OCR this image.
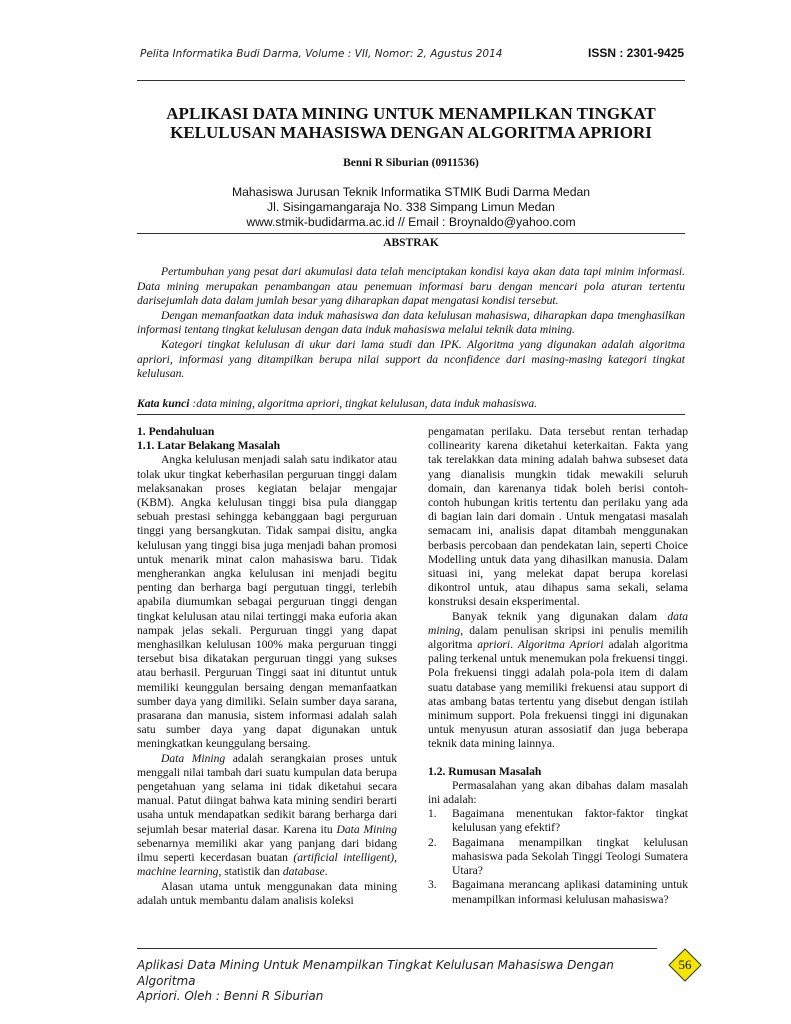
Pelita Informatika Budi Darma, Volume : VII, Nomor: 2, Agustus 2014	ISSN : 2301-9425
APLIKASI DATA MINING UNTUK MENAMPILKAN TINGKAT
KELULUSAN MAHASISWA DENGAN ALGORITMA APRIORI
Benni R Siburian (0911536)
Mahasiswa Jurusan Teknik Informatika STMIK Budi Darma Medan
Jl. Sisingamangaraja No. 338 Simpang Limun Medan
www.stmik-budidarma.ac.id // Email : Broynaldo@yahoo.com
ABSTRAK

Pertumbuhan yang pesat dari akumulasi data telah menciptakan kondisi kaya akan data tapi minim informasi. Data mining merupakan penambangan atau penemuan informasi baru dengan mencari pola aturan tertentu darisejumlah data dalam jumlah besar yang diharapkan dapat mengatasi kondisi tersebut.

Dengan memanfaatkan data induk mahasiswa dan data kelulusan mahasiswa, diharapkan dapa tmenghasilkan informasi tentang tingkat kelulusan dengan data induk mahasiswa melalui teknik data mining.

Kategori tingkat kelulusan di ukur dari lama studi dan IPK. Algoritma yang digunakan adalah algoritma apriori, informasi yang ditampilkan berupa nilai support da nconfidence dari masing-masing kategori tingkat kelulusan.

Kata kunci :data mining, algoritma apriori, tingkat kelulusan, data induk mahasiswa.

1. Pendahuluan

1.1. Latar Belakang Masalah

Angka kelulusan menjadi salah satu indikator atau tolak ukur tingkat keberhasilan perguruan tinggi dalam melaksanakan proses kegiatan belajar mengajar (KBM). Angka kelulusan tinggi bisa pula dianggap sebuah prestasi sehingga kebanggaan bagi perguruan tinggi yang bersangkutan. Tidak sampai disitu, angka kelulusan yang tinggi bisa juga menjadi bahan promosi untuk menarik minat calon mahasiswa baru. Tidak mengherankan angka kelulusan ini menjadi begitu penting dan berharga bagi pergutuan tinggi, terlebih apabila diumumkan sebagai perguruan tinggi dengan tingkat kelulusan atau nilai tertinggi maka euforia akan nampak jelas sekali. Perguruan tinggi yang dapat menghasilkan kelulusan 100% maka perguruan tinggi tersebut bisa dikatakan perguruan tinggi yang sukses atau berhasil. Perguruan Tinggi saat ini dituntut untuk memiliki keunggulan bersaing dengan memanfaatkan sumber daya yang dimiliki. Selain sumber daya sarana, prasarana dan manusia, sistem informasi adalah salah satu sumber daya yang dapat digunakan untuk meningkatkan keunggulang bersaing.

Data Mining adalah serangkaian proses untuk menggali nilai tambah dari suatu kumpulan data berupa pengetahuan yang selama ini tidak diketahui secara manual. Patut diingat bahwa kata mining sendiri berarti usaha untuk mendapatkan sedikit barang berharga dari sejumlah besar material dasar. Karena itu Data Mining sebenarnya memiliki akar yang panjang dari bidang ilmu seperti kecerdasan buatan (artificial intelligent), machine learning, statistik dan database.

Alasan utama untuk menggunakan data mining adalah untuk membantu dalam analisis koleksi

pengamatan perilaku. Data tersebut rentan terhadap collinearity karena diketahui keterkaitan. Fakta yang tak terelakkan data mining adalah bahwa subseset data yang dianalisis mungkin tidak mewakili seluruh domain, dan karenanya tidak boleh berisi contoh-contoh hubungan kritis tertentu dan perilaku yang ada di bagian lain dari domain . Untuk mengatasi masalah semacam ini, analisis dapat ditambah menggunakan berbasis percobaan dan pendekatan lain, seperti Choice Modelling untuk data yang dihasilkan manusia. Dalam situasi ini, yang melekat dapat berupa korelasi dikontrol untuk, atau dihapus sama sekali, selama konstruksi desain eksperimental.

Banyak teknik yang digunakan dalam data mining, dalam penulisan skripsi ini penulis memilih algoritma apriori. Algoritma Apriori adalah algoritma paling terkenal untuk menemukan pola frekuensi tinggi. Pola frekuensi tinggi adalah pola-pola item di dalam suatu database yang memiliki frekuensi atau support di atas ambang batas tertentu yang disebut dengan istilah minimum support. Pola frekuensi tinggi ini digunakan untuk menyusun aturan assosiatif dan juga beberapa teknik data mining lainnya.

1.2. Rumusan Masalah

Permasalahan yang akan dibahas dalam masalah ini adalah:

1.	Bagaimana menentukan faktor-faktor tingkat kelulusan yang efektif?
2.	Bagaimana menampilkan tingkat kelulusan mahasiswa pada Sekolah Tinggi Teologi Sumatera Utara?
3.	Bagaimana merancang aplikasi datamining untuk menampilkan informasi kelulusan mahasiswa?
Aplikasi Data Mining Untuk Menampilkan Tingkat Kelulusan Mahasiswa Dengan Algoritma
Apriori. Oleh : Benni R Siburian
56
